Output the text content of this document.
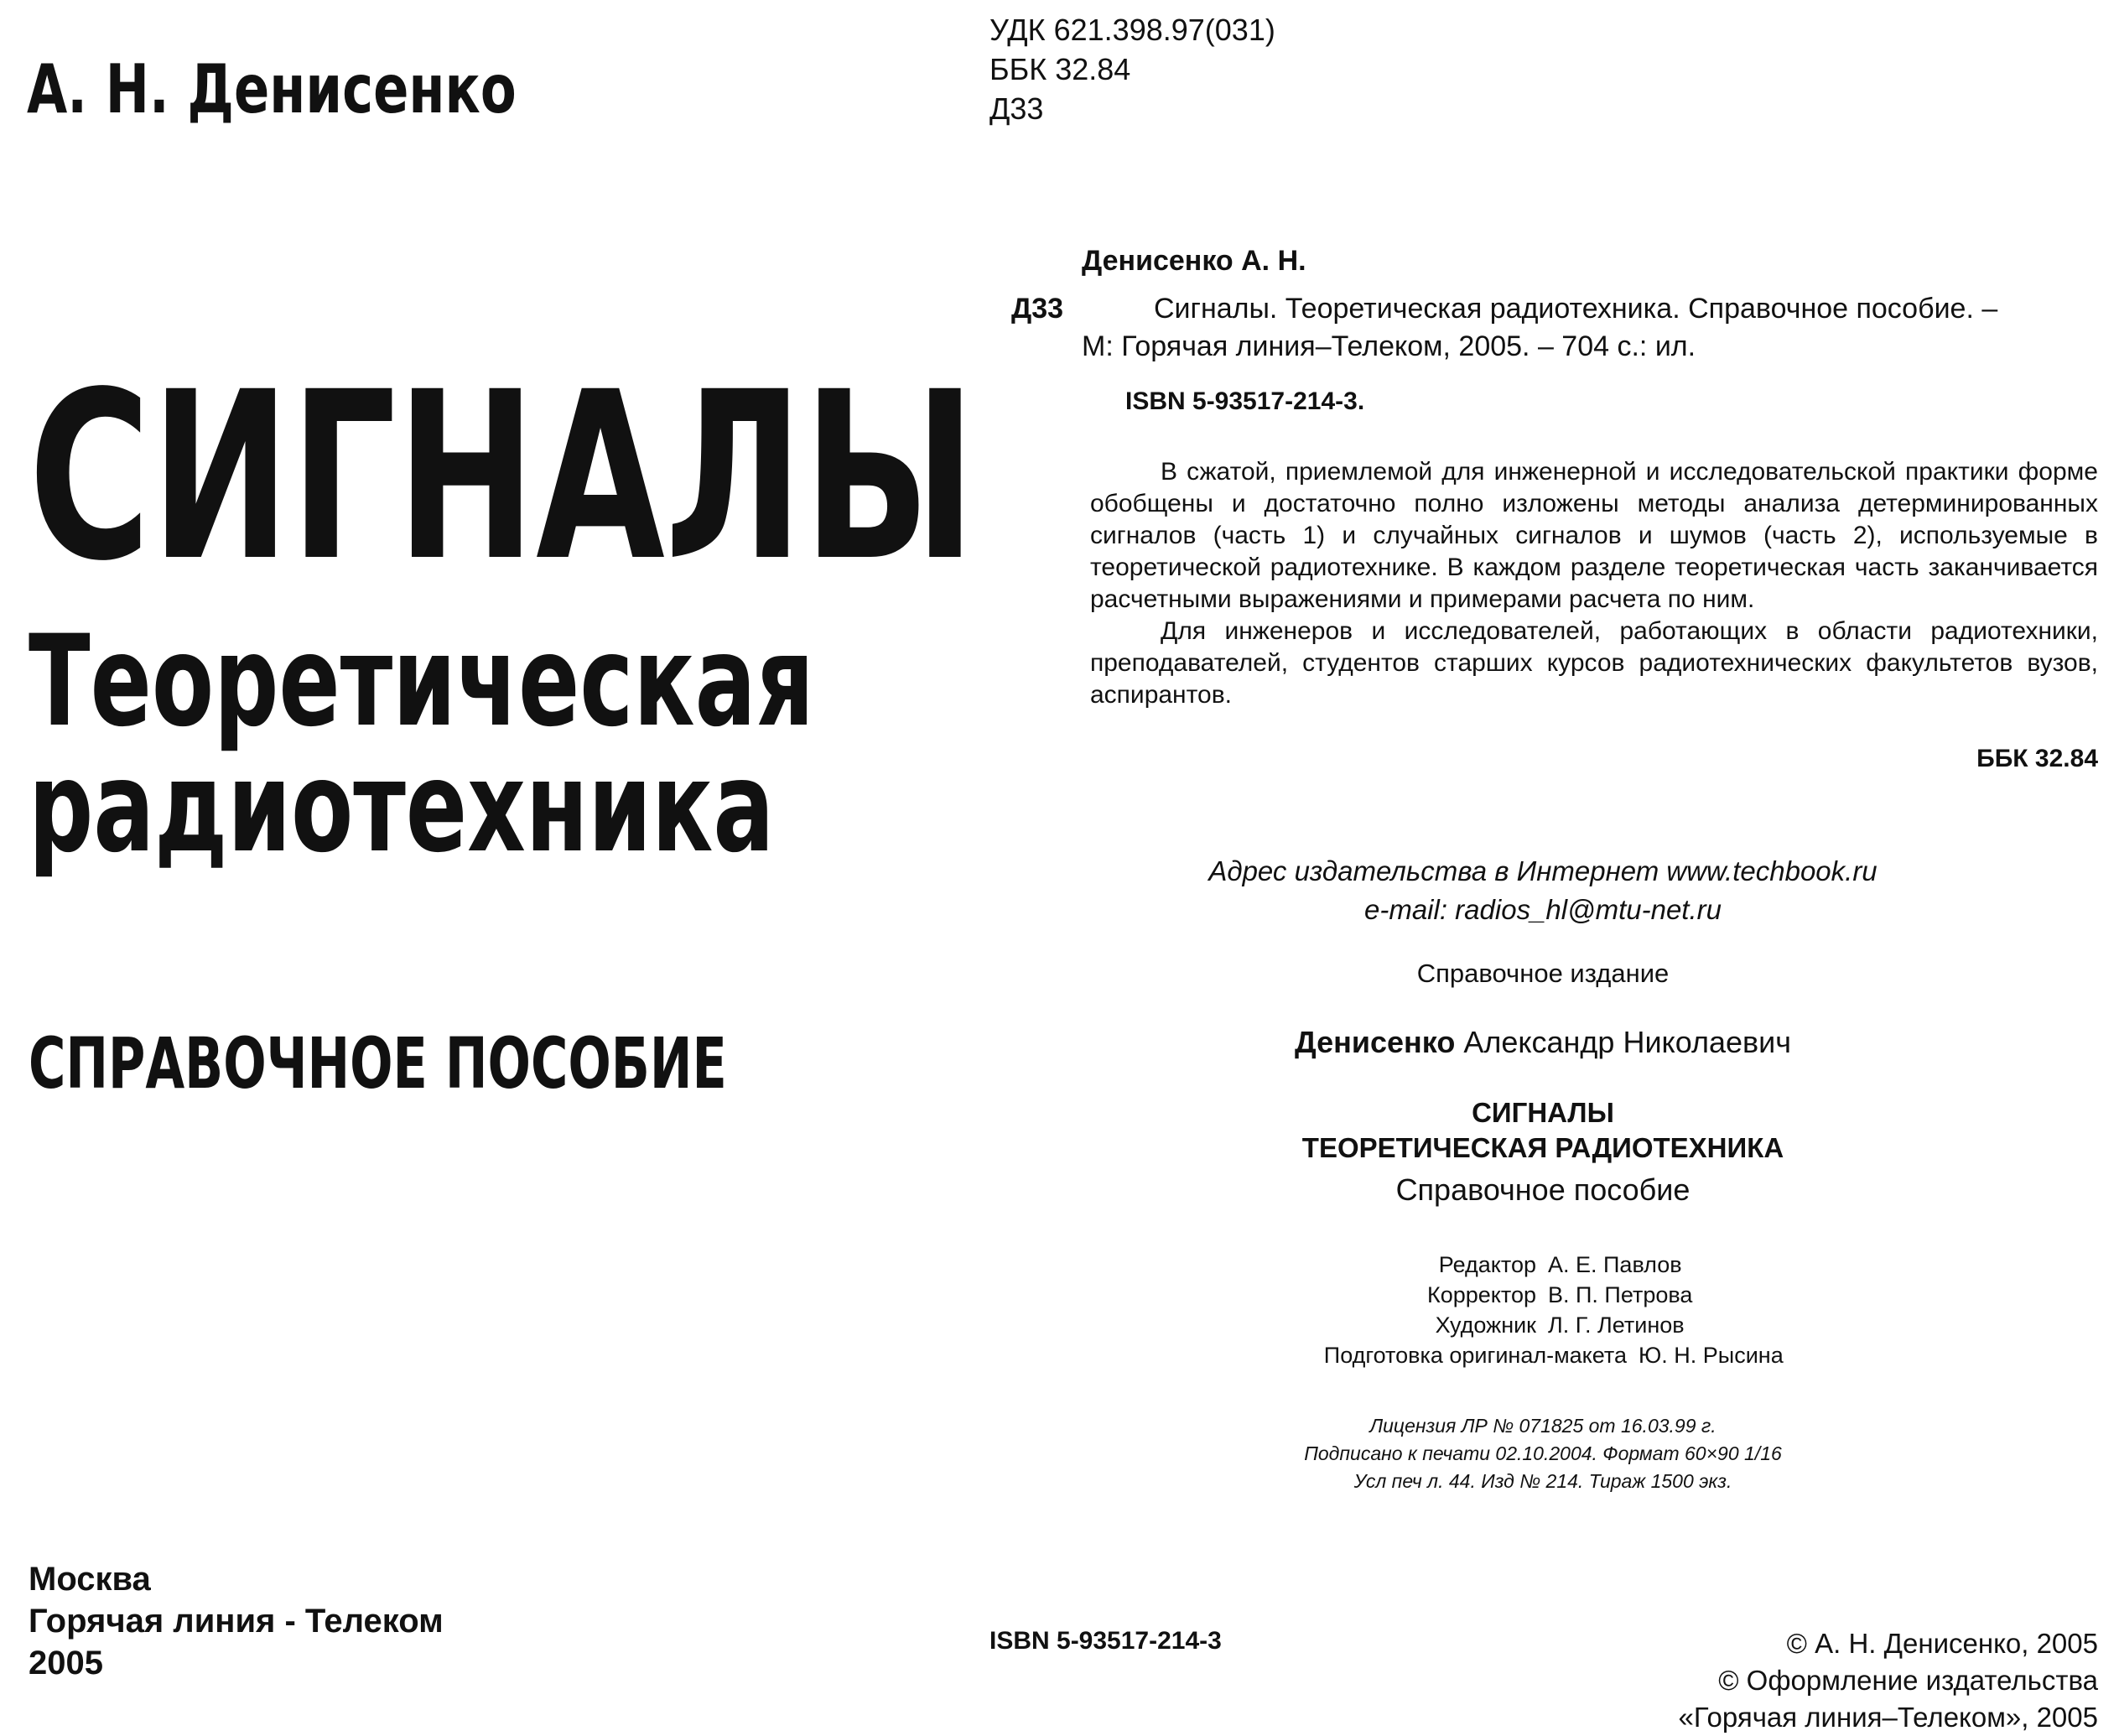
А. Н. Денисенко
СИГНАЛЫ
Теоретическая
радиотехника
СПРАВОЧНОЕ ПОСОБИЕ
Москва
Горячая линия - Телеком
2005
УДК 621.398.97(031)
ББК 32.84
Д33
Денисенко А. Н.
Д33	Сигналы. Теоретическая радиотехника. Справочное пособие. –
М: Горячая линия–Телеком, 2005. – 704 с.: ил.
ISBN 5-93517-214-3.

В сжатой, приемлемой для инженерной и исследовательской практики форме обобщены и достаточно полно изложены методы анализа детерминированных сигналов (часть 1) и случайных сигналов и шумов (часть 2), используемые в теоретической радиотехнике. В каждом разделе теоретическая часть заканчивается расчетными выражениями и примерами расчета по ним.

Для инженеров и исследователей, работающих в области радиотехники, преподавателей, студентов старших курсов радиотехнических факультетов вузов, аспирантов.

ББК 32.84
Адрес издательства в Интернет www.techbook.ru
e-mail: radios_hl@mtu-net.ru
Справочное издание
Денисенко Александр Николаевич
СИГНАЛЫ
ТЕОРЕТИЧЕСКАЯ РАДИОТЕХНИКА
Справочное пособие
Редактор А. Е. Павлов
Корректор В. П. Петрова
Художник Л. Г. Летинов
Подготовка оригинал-макета Ю. Н. Рысина
Лицензия ЛР № 071825 от 16.03.99 г.
Подписано к печати 02.10.2004. Формат 60×90 1/16
Усл печ л. 44. Изд № 214. Тираж 1500 экз.
ISBN 5-93517-214-3	© А. Н. Денисенко, 2005
© Оформление издательства
«Горячая линия–Телеком», 2005
